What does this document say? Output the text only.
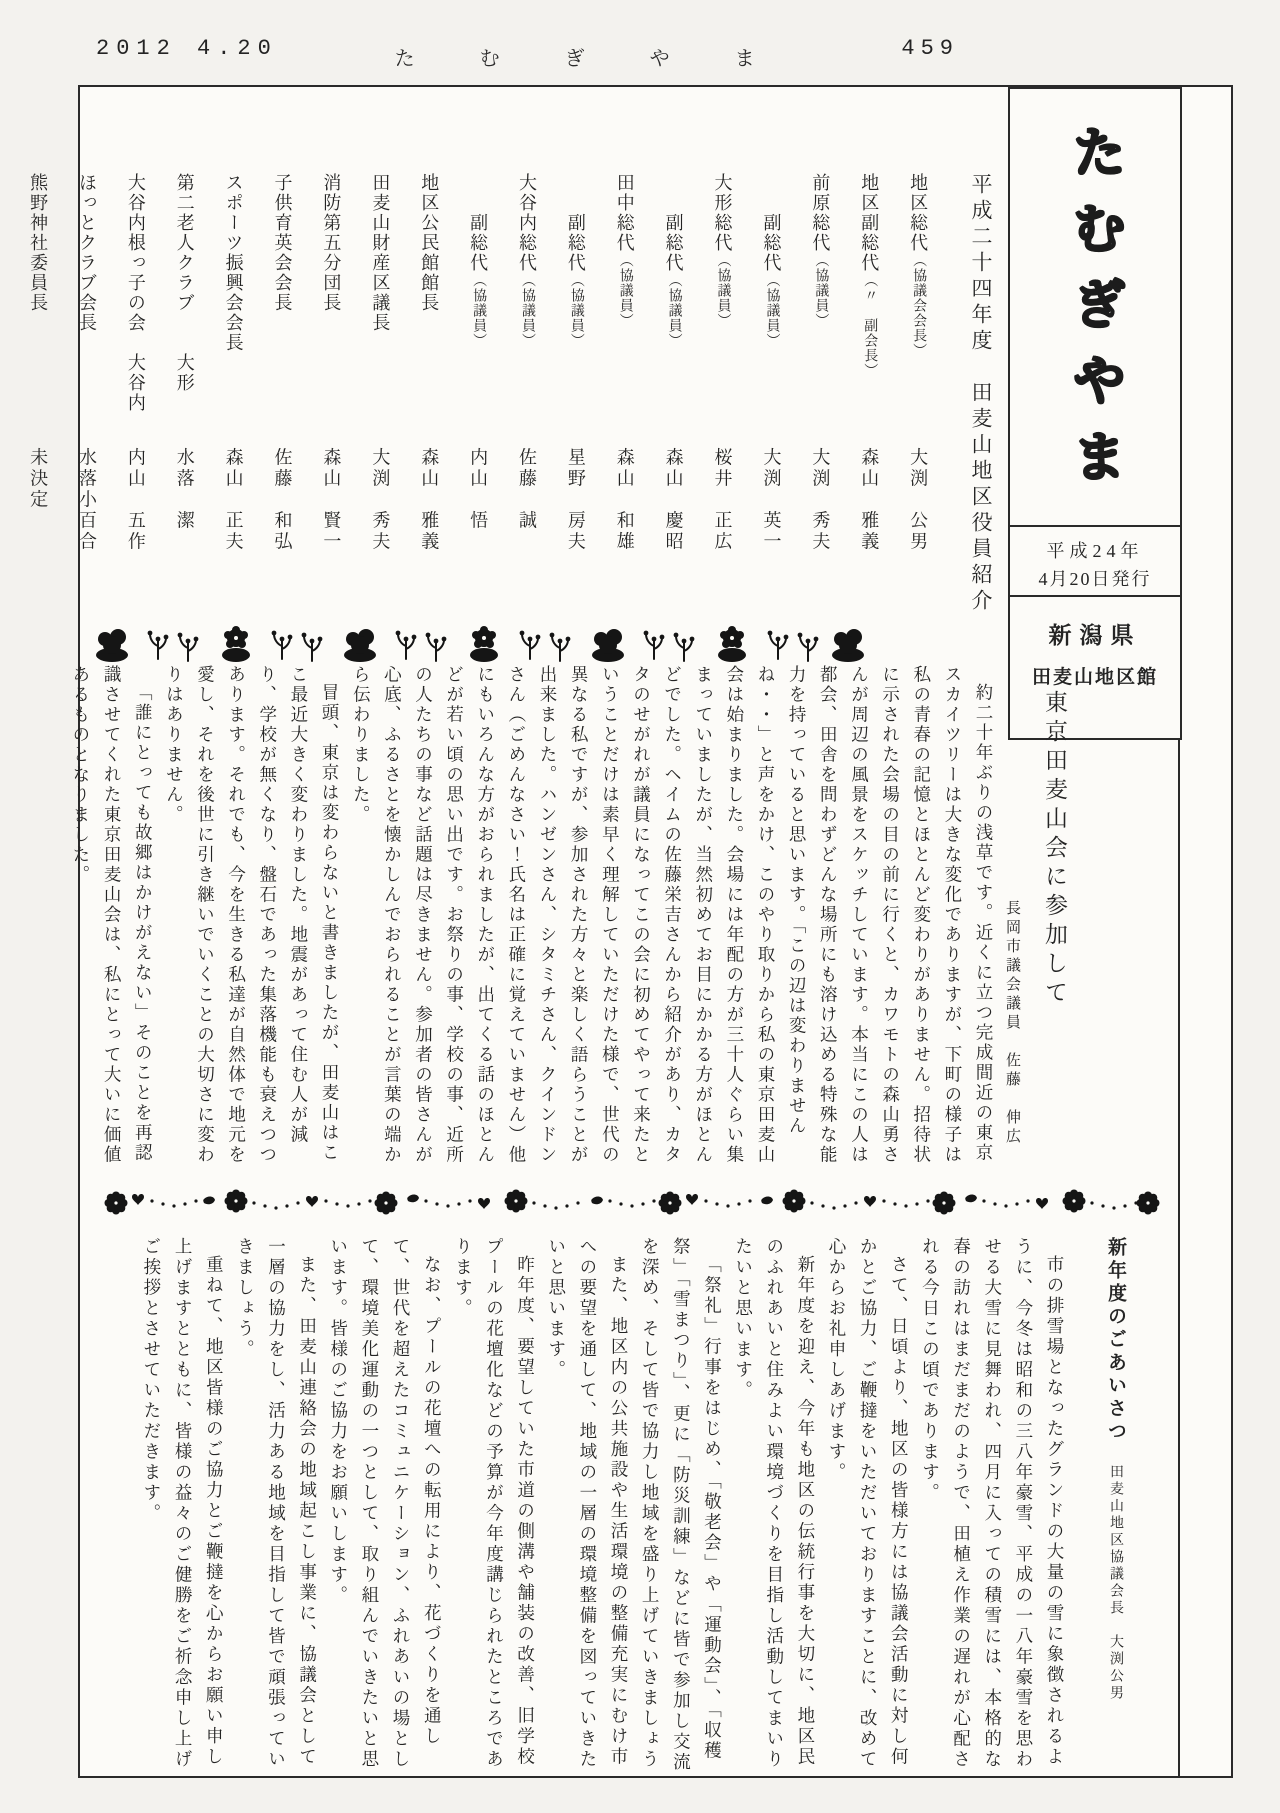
2012 4.20	た む ぎ や ま	459
たむぎやま
平成24年
4月20日発行
新潟県
田麦山地区館
平成二十四年度　田麦山地区役員紹介
地区総代（協議会会長） 大渕　公男
地区副総代（〃　副会長） 森山　雅義
前原総代（協議員） 大渕　秀夫
副総代（協議員） 大渕　英一
大形総代（協議員） 桜井　正広
副総代（協議員） 森山　慶昭
田中総代（協議員） 森山　和雄
副総代（協議員） 星野　房夫
大谷内総代（協議員） 佐藤　誠
副総代（協議員） 内山　悟
地区公民館館長 森山　雅義
田麦山財産区議長 大渕　秀夫
消防第五分団長 森山　賢一
子供育英会会長 佐藤　和弘
スポーツ振興会会長 森山　正夫
第二老人クラブ　　大形 水落　潔
大谷内根っ子の会　大谷内 内山　五作
ほっとクラブ会長 水落小百合
熊野神社委員長 未決定
東京田麦山会に参加して
長岡市議会議員　佐藤　伸広

約二十年ぶりの浅草です。近くに立つ完成間近の東京スカイツリーは大きな変化でありますが、下町の様子は私の青春の記憶とほとんど変わりがありません。招待状に示された会場の目の前に行くと、カワモトの森山勇さんが周辺の風景をスケッチしています。本当にこの人は都会、田舎を問わずどんな場所にも溶け込める特殊な能力を持っていると思います。「この辺は変わりませんね・・」と声をかけ、このやり取りから私の東京田麦山会は始まりました。会場には年配の方が三十人ぐらい集まっていましたが、当然初めてお目にかかる方がほとんどでした。ヘイムの佐藤栄吉さんから紹介があり、カタタのせがれが議員になってこの会に初めてやって来たということだけは素早く理解していただけた様で、世代の異なる私ですが、参加された方々と楽しく語らうことが出来ました。ハンゼンさん、シタミチさん、クインドンさん（ごめんなさい！氏名は正確に覚えていません）他にもいろんな方がおられましたが、出てくる話のほとんどが若い頃の思い出です。お祭りの事、学校の事、近所の人たちの事など話題は尽きません。参加者の皆さんが心底、ふるさとを懐かしんでおられることが言葉の端から伝わりました。

冒頭、東京は変わらないと書きましたが、田麦山はここ最近大きく変わりました。地震があって住む人が減り、学校が無くなり、盤石であった集落機能も衰えつつあります。それでも、今を生きる私達が自然体で地元を愛し、それを後世に引き継いでいくことの大切さに変わりはありません。

「誰にとっても故郷はかけがえない」そのことを再認識させてくれた東京田麦山会は、私にとって大いに価値あるものとなりました。

新年度のごあいさつ 田麦山地区協議会長　大渕公男

市の排雪場となったグランドの大量の雪に象徴されるように、今冬は昭和の三八年豪雪、平成の一八年豪雪を思わせる大雪に見舞われ、四月に入っての積雪には、本格的な春の訪れはまだまだのようで、田植え作業の遅れが心配される今日この頃であります。

さて、日頃より、地区の皆様方には協議会活動に対し何かとご協力、ご鞭撻をいただいておりますことに、改めて心からお礼申しあげます。

新年度を迎え、今年も地区の伝統行事を大切に、地区民のふれあいと住みよい環境づくりを目指し活動してまいりたいと思います。

「祭礼」行事をはじめ、「敬老会」や「運動会」、「収穫祭」「雪まつり」、更に「防災訓練」などに皆で参加し交流を深め、そして皆で協力し地域を盛り上げていきましょう

また、地区内の公共施設や生活環境の整備充実にむけ市への要望を通して、地域の一層の環境整備を図っていきたいと思います。

昨年度、要望していた市道の側溝や舗装の改善、旧学校プールの花壇化などの予算が今年度講じられたところであります。

なお、プールの花壇への転用により、花づくりを通して、世代を超えたコミュニケーション、ふれあいの場として、環境美化運動の一つとして、取り組んでいきたいと思います。皆様のご協力をお願いします。

また、田麦山連絡会の地域起こし事業に、協議会として一層の協力をし、活力ある地域を目指して皆で頑張っていきましょう。

重ねて、地区皆様のご協力とご鞭撻を心からお願い申し上げますとともに、皆様の益々のご健勝をご祈念申し上げご挨拶とさせていただきます。
